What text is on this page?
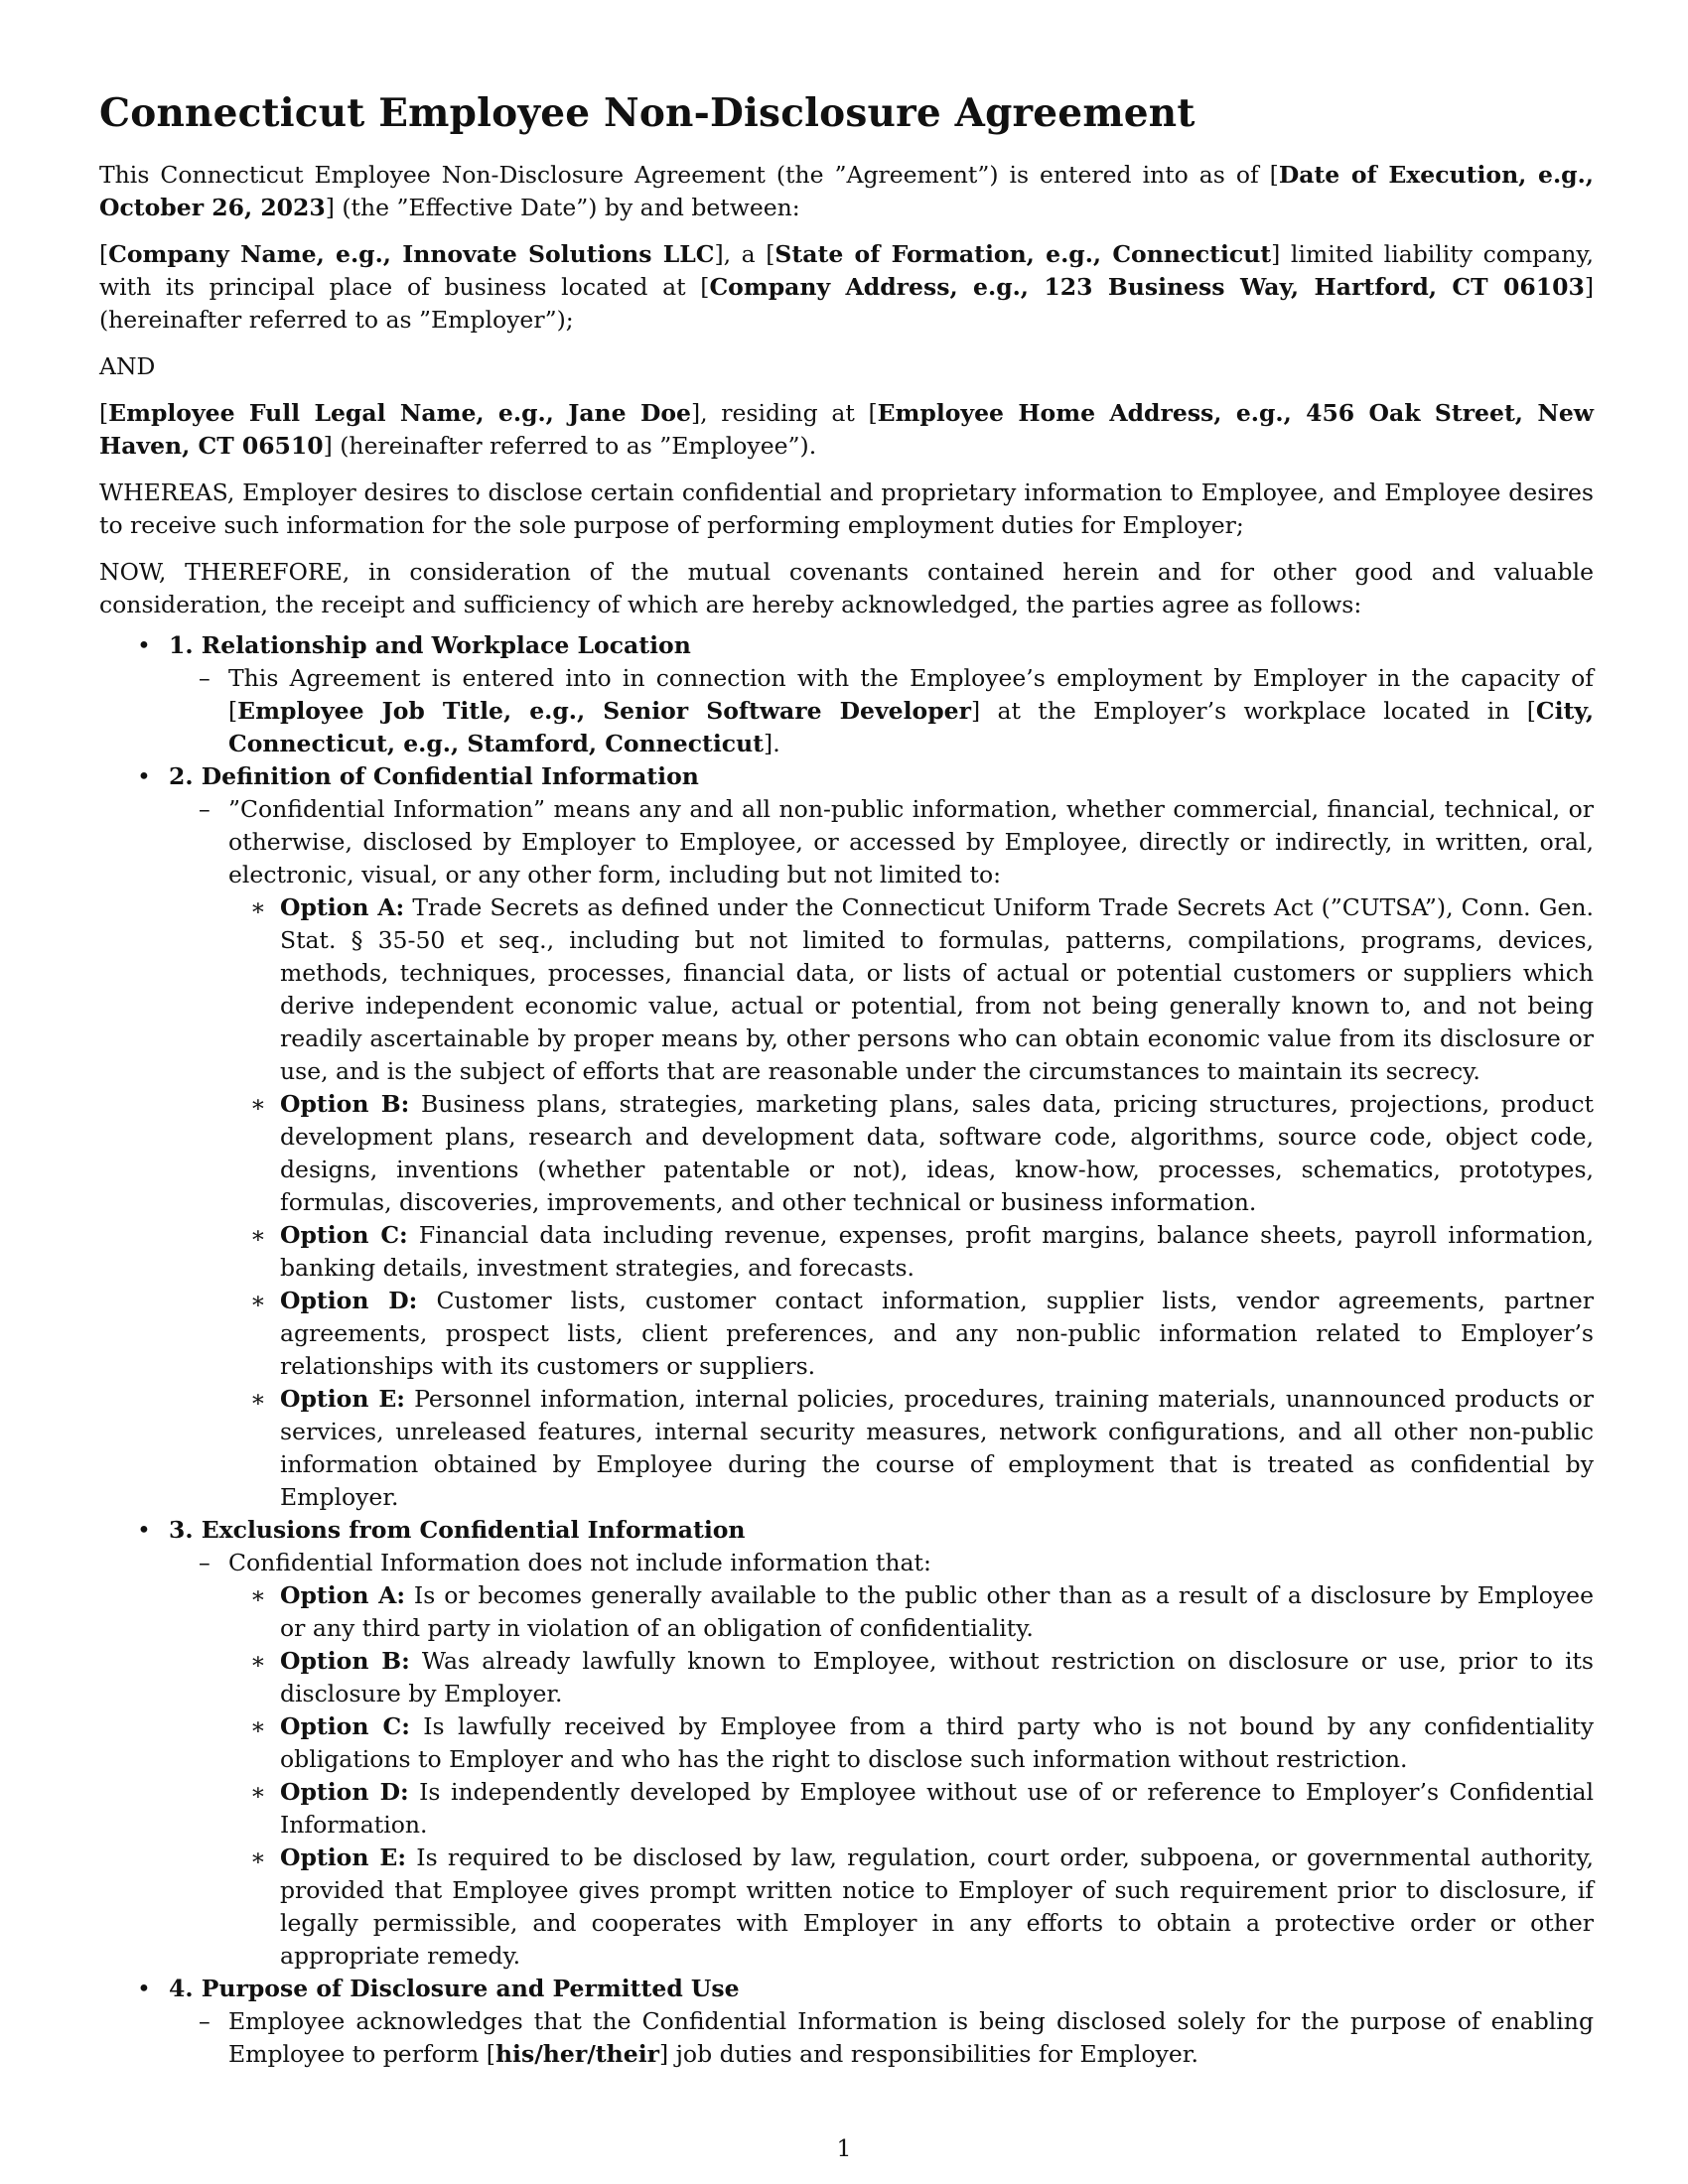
Connecticut Employee Non-Disclosure Agreement

This Connecticut Employee Non-Disclosure Agreement (the ”Agreement”) is entered into as of [Date of Execution, e.g., October 26, 2023] (the ”Effective Date”) by and between:

[Company Name, e.g., Innovate Solutions LLC], a [State of Formation, e.g., Connecticut] limited liability company, with its principal place of business located at [Company Address, e.g., 123 Business Way, Hartford, CT 06103] (hereinafter referred to as ”Employer”);

AND

[Employee Full Legal Name, e.g., Jane Doe], residing at [Employee Home Address, e.g., 456 Oak Street, New Haven, CT 06510] (hereinafter referred to as ”Employee”).

WHEREAS, Employer desires to disclose certain confidential and proprietary information to Employee, and Employee desires to receive such information for the sole purpose of performing employment duties for Employer;

NOW, THEREFORE, in consideration of the mutual covenants contained herein and for other good and valuable consideration, the receipt and sufficiency of which are hereby acknowledged, the parties agree as follows:

• 1. Relationship and Workplace Location
– This Agreement is entered into in connection with the Employee’s employment by Employer in the capacity of [Employee Job Title, e.g., Senior Software Developer] at the Employer’s workplace located in [City, Connecticut, e.g., Stamford, Connecticut].
• 2. Definition of Confidential Information
– ”Confidential Information” means any and all non-public information, whether commercial, financial, technical, or otherwise, disclosed by Employer to Employee, or accessed by Employee, directly or indirectly, in written, oral, electronic, visual, or any other form, including but not limited to:
∗ Option A: Trade Secrets as defined under the Connecticut Uniform Trade Secrets Act (”CUTSA”), Conn. Gen. Stat. § 35-50 et seq., including but not limited to formulas, patterns, compilations, programs, devices, methods, techniques, processes, financial data, or lists of actual or potential customers or suppliers which derive independent economic value, actual or potential, from not being generally known to, and not being readily ascertainable by proper means by, other persons who can obtain economic value from its disclosure or use, and is the subject of efforts that are reasonable under the circumstances to maintain its secrecy.
∗ Option B: Business plans, strategies, marketing plans, sales data, pricing structures, projections, product development plans, research and development data, software code, algorithms, source code, object code, designs, inventions (whether patentable or not), ideas, know-how, processes, schematics, prototypes, formulas, discoveries, improvements, and other technical or business information.
∗ Option C: Financial data including revenue, expenses, profit margins, balance sheets, payroll information, banking details, investment strategies, and forecasts.
∗ Option D: Customer lists, customer contact information, supplier lists, vendor agreements, partner agreements, prospect lists, client preferences, and any non-public information related to Employer’s relationships with its customers or suppliers.
∗ Option E: Personnel information, internal policies, procedures, training materials, unannounced products or services, unreleased features, internal security measures, network configurations, and all other non-public information obtained by Employee during the course of employment that is treated as confidential by Employer.
• 3. Exclusions from Confidential Information
– Confidential Information does not include information that:
∗ Option A: Is or becomes generally available to the public other than as a result of a disclosure by Employee or any third party in violation of an obligation of confidentiality.
∗ Option B: Was already lawfully known to Employee, without restriction on disclosure or use, prior to its disclosure by Employer.
∗ Option C: Is lawfully received by Employee from a third party who is not bound by any confidentiality obligations to Employer and who has the right to disclose such information without restriction.
∗ Option D: Is independently developed by Employee without use of or reference to Employer’s Confidential Information.
∗ Option E: Is required to be disclosed by law, regulation, court order, subpoena, or governmental authority, provided that Employee gives prompt written notice to Employer of such requirement prior to disclosure, if legally permissible, and cooperates with Employer in any efforts to obtain a protective order or other appropriate remedy.
• 4. Purpose of Disclosure and Permitted Use
– Employee acknowledges that the Confidential Information is being disclosed solely for the purpose of enabling Employee to perform [his/her/their] job duties and responsibilities for Employer.
1
